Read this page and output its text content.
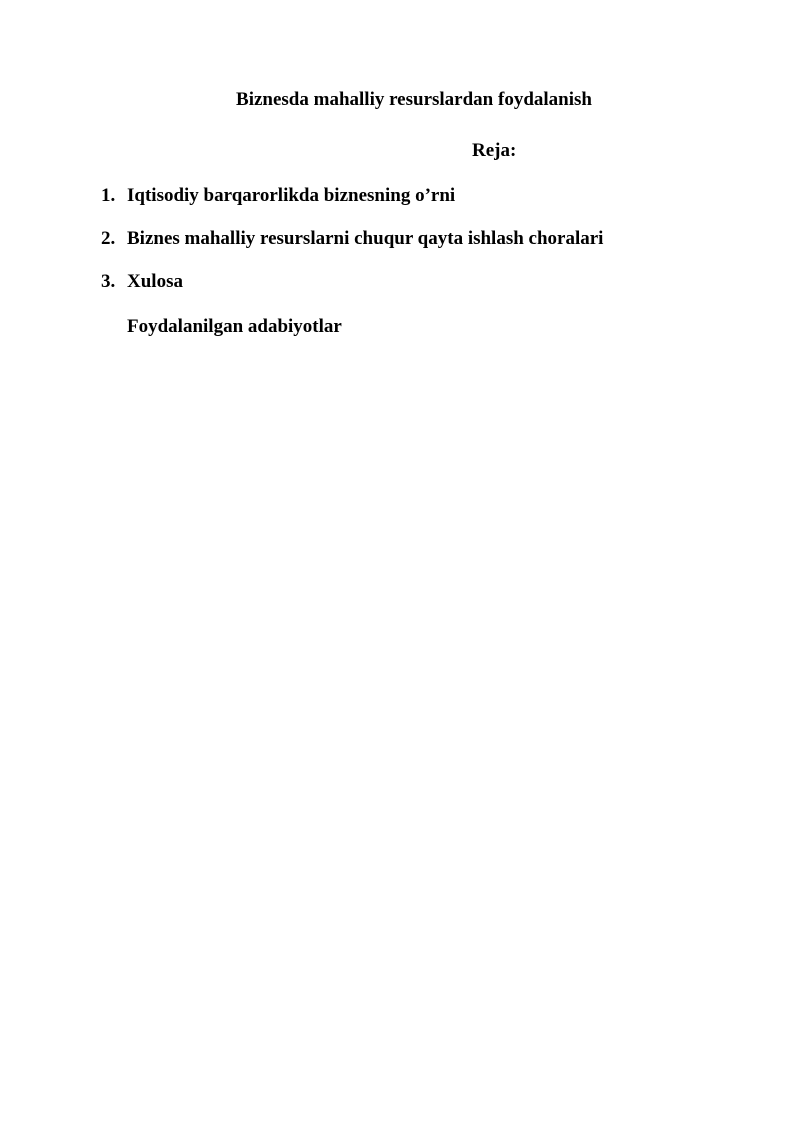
Biznesda mahalliy resurslardan foydalanish
Reja:
1. Iqtisodiy barqarorlikda biznesning o’rni
2. Biznes mahalliy resurslarni chuqur qayta ishlash choralari
3. Xulosa
Foydalanilgan adabiyotlar
